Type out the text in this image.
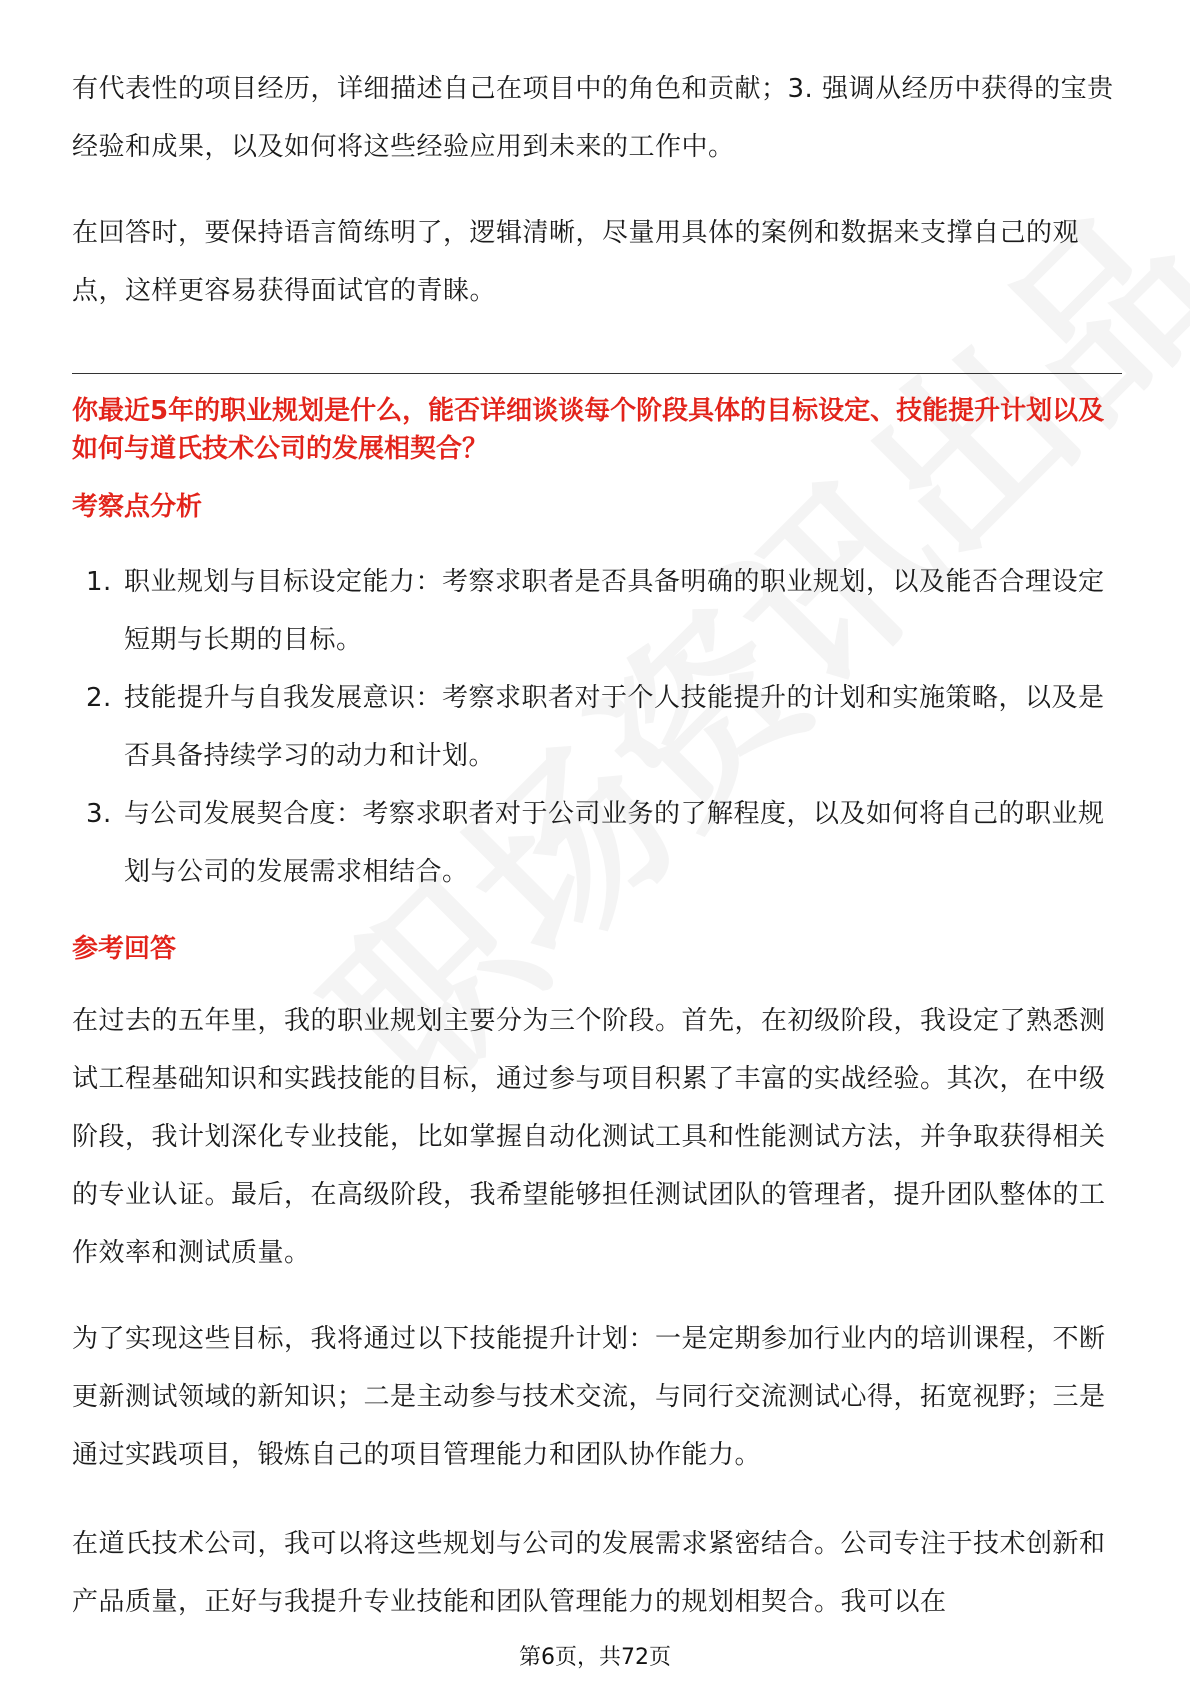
有代表性的项目经历，详细描述自己在项目中的角色和贡献；3. 强调从经历中获得的宝贵经验和成果，以及如何将这些经验应用到未来的工作中。

在回答时，要保持语言简练明了，逻辑清晰，尽量用具体的案例和数据来支撑自己的观点，这样更容易获得面试官的青睐。

你最近5年的职业规划是什么，能否详细谈谈每个阶段具体的目标设定、技能提升计划以及如何与道氏技术公司的发展相契合？

考察点分析

1. 职业规划与目标设定能力：考察求职者是否具备明确的职业规划，以及能否合理设定短期与长期的目标。
2. 技能提升与自我发展意识：考察求职者对于个人技能提升的计划和实施策略，以及是否具备持续学习的动力和计划。
3. 与公司发展契合度：考察求职者对于公司业务的了解程度，以及如何将自己的职业规划与公司的发展需求相结合。

参考回答

在过去的五年里，我的职业规划主要分为三个阶段。首先，在初级阶段，我设定了熟悉测试工程基础知识和实践技能的目标，通过参与项目积累了丰富的实战经验。其次，在中级阶段，我计划深化专业技能，比如掌握自动化测试工具和性能测试方法，并争取获得相关的专业认证。最后，在高级阶段，我希望能够担任测试团队的管理者，提升团队整体的工作效率和测试质量。

为了实现这些目标，我将通过以下技能提升计划：一是定期参加行业内的培训课程，不断更新测试领域的新知识；二是主动参与技术交流，与同行交流测试心得，拓宽视野；三是通过实践项目，锻炼自己的项目管理能力和团队协作能力。

在道氏技术公司，我可以将这些规划与公司的发展需求紧密结合。公司专注于技术创新和产品质量，正好与我提升专业技能和团队管理能力的规划相契合。我可以在

第6页，共72页
